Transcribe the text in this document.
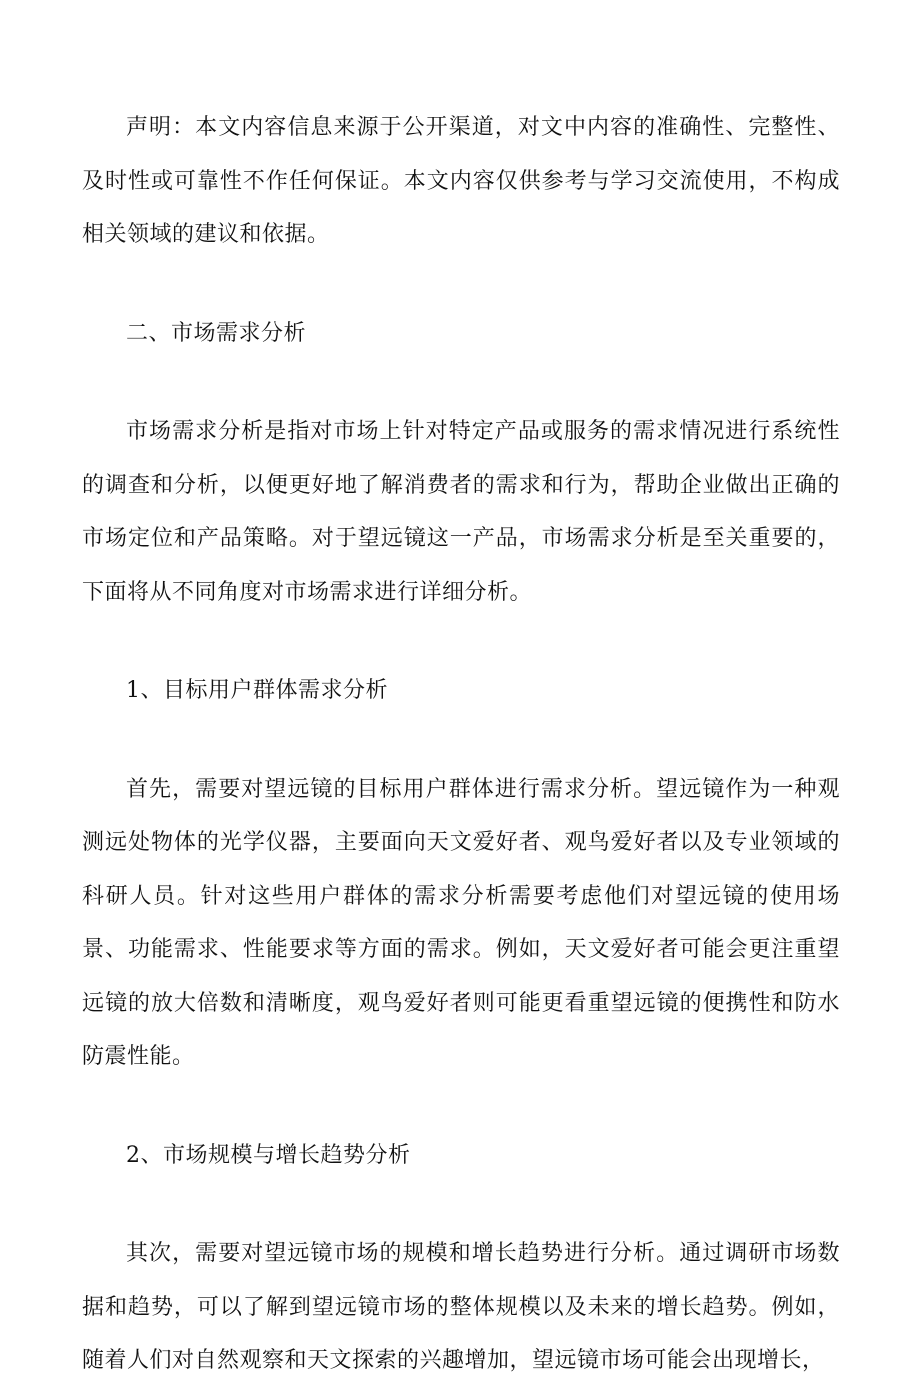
声明：本文内容信息来源于公开渠道，对文中内容的准确性、完整性、及时性或可靠性不作任何保证。本文内容仅供参考与学习交流使用，不构成相关领域的建议和依据。

二、市场需求分析

市场需求分析是指对市场上针对特定产品或服务的需求情况进行系统性的调查和分析，以便更好地了解消费者的需求和行为，帮助企业做出正确的市场定位和产品策略。对于望远镜这一产品，市场需求分析是至关重要的，下面将从不同角度对市场需求进行详细分析。

1、目标用户群体需求分析

首先，需要对望远镜的目标用户群体进行需求分析。望远镜作为一种观测远处物体的光学仪器，主要面向天文爱好者、观鸟爱好者以及专业领域的科研人员。针对这些用户群体的需求分析需要考虑他们对望远镜的使用场景、功能需求、性能要求等方面的需求。例如，天文爱好者可能会更注重望远镜的放大倍数和清晰度，观鸟爱好者则可能更看重望远镜的便携性和防水防震性能。

2、市场规模与增长趋势分析

其次，需要对望远镜市场的规模和增长趋势进行分析。通过调研市场数据和趋势，可以了解到望远镜市场的整体规模以及未来的增长趋势。例如，随着人们对自然观察和天文探索的兴趣增加，望远镜市场可能会出现增长，
